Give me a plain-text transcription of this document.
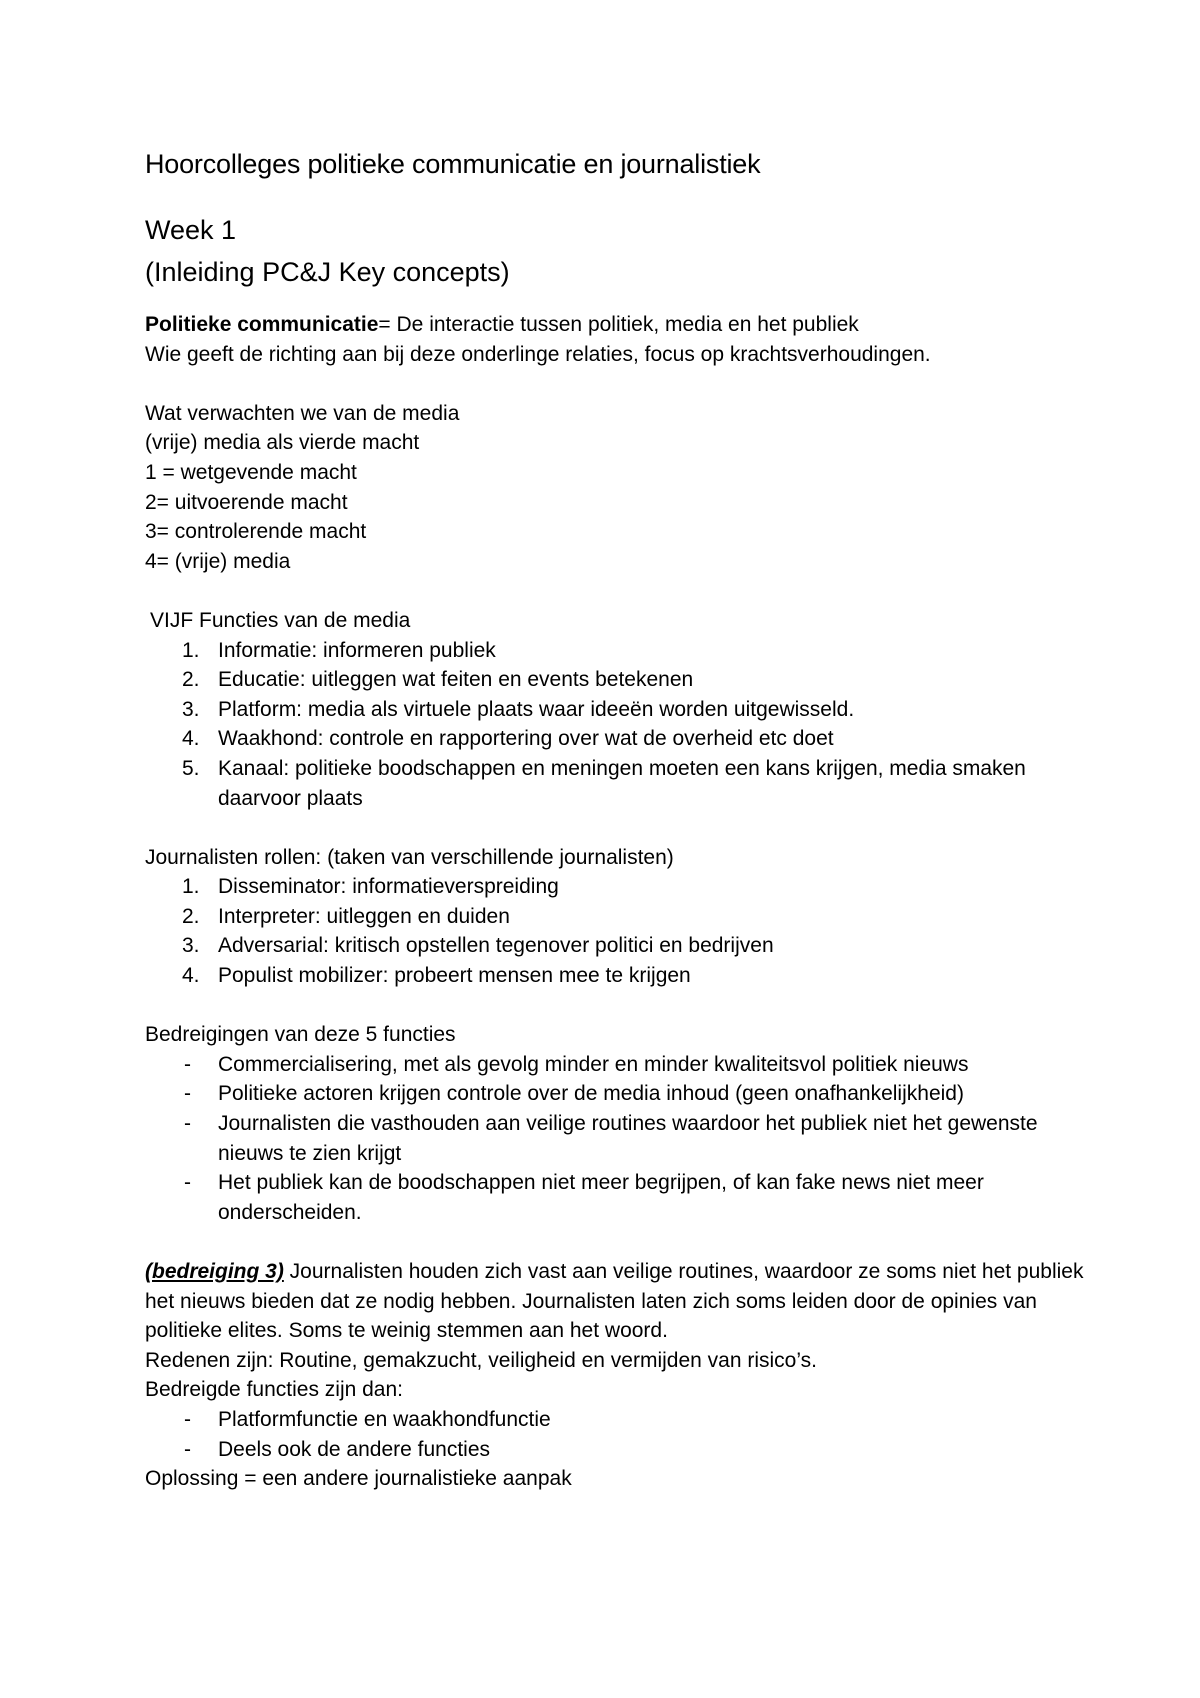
Hoorcolleges politieke communicatie en journalistiek
Week 1

(Inleiding PC&J Key concepts)

Politieke communicatie= De interactie tussen politiek, media en het publiek

Wie geeft de richting aan bij deze onderlinge relaties, focus op krachtsverhoudingen.

Wat verwachten we van de media

(vrije) media als vierde macht

1 = wetgevende macht

2= uitvoerende macht

3= controlerende macht

4= (vrije) media

VIJF Functies van de media

1. Informatie: informeren publiek
2. Educatie: uitleggen wat feiten en events betekenen
3. Platform: media als virtuele plaats waar ideeën worden uitgewisseld.
4. Waakhond: controle en rapportering over wat de overheid etc doet
5. Kanaal: politieke boodschappen en meningen moeten een kans krijgen, media smaken daarvoor plaats

Journalisten rollen: (taken van verschillende journalisten)

1. Disseminator: informatieverspreiding
2. Interpreter: uitleggen en duiden
3. Adversarial: kritisch opstellen tegenover politici en bedrijven
4. Populist mobilizer: probeert mensen mee te krijgen

Bedreigingen van deze 5 functies

- Commercialisering, met als gevolg minder en minder kwaliteitsvol politiek nieuws
- Politieke actoren krijgen controle over de media inhoud (geen onafhankelijkheid)
- Journalisten die vasthouden aan veilige routines waardoor het publiek niet het gewenste nieuws te zien krijgt
- Het publiek kan de boodschappen niet meer begrijpen, of kan fake news niet meer onderscheiden.

(bedreiging 3) Journalisten houden zich vast aan veilige routines, waardoor ze soms niet het publiek het nieuws bieden dat ze nodig hebben. Journalisten laten zich soms leiden door de opinies van politieke elites. Soms te weinig stemmen aan het woord.

Redenen zijn: Routine, gemakzucht, veiligheid en vermijden van risico’s.

Bedreigde functies zijn dan:

- Platformfunctie en waakhondfunctie
- Deels ook de andere functies

Oplossing = een andere journalistieke aanpak
